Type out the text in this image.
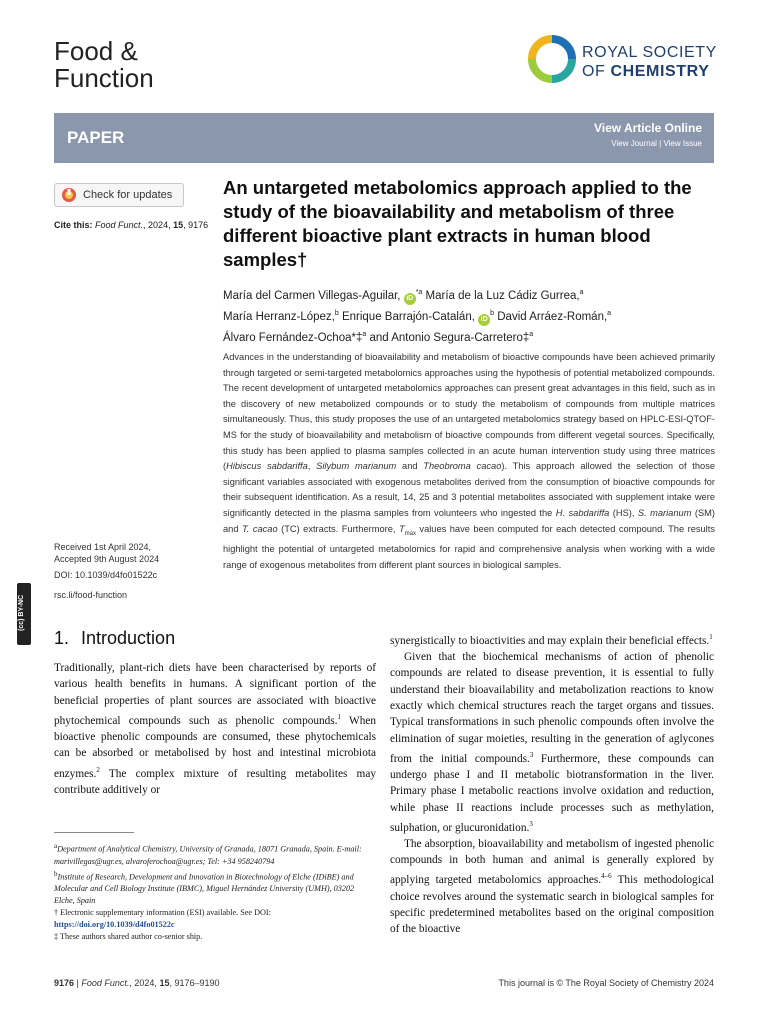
Food &
Function
ROYAL SOCIETY
OF CHEMISTRY
PAPER	View Article Online
View Journal | View Issue
Check for updates
Cite this: Food Funct., 2024, 15, 9176
An untargeted metabolomics approach applied to the study of the bioavailability and metabolism of three different bioactive plant extracts in human blood samples†
María del Carmen Villegas-Aguilar, $iD^{*a}$ María de la Luz Cádiz Gurrea,$^a$
María Herranz-López,$^b$ Enrique Barrajón-Catalán, $iD^b$ David Arráez-Román,$^a$
Álvaro Fernández-Ochoa*‡$^a$ and Antonio Segura-Carretero‡$^a$
Advances in the understanding of bioavailability and metabolism of bioactive compounds have been achieved primarily through targeted or semi-targeted metabolomics approaches using the hypothesis of potential metabolized compounds. The recent development of untargeted metabolomics approaches can present great advantages in this field, such as in the discovery of new metabolized compounds or to study the metabolism of compounds from multiple matrices simultaneously. Thus, this study proposes the use of an untargeted metabolomics strategy based on HPLC-ESI-QTOF-MS for the study of bioavailability and metabolism of bioactive compounds from different vegetal sources. Specifically, this study has been applied to plasma samples collected in an acute human intervention study using three matrices (Hibiscus sabdariffa, Silybum marianum and Theobroma cacao). This approach allowed the selection of those significant variables associated with exogenous metabolites derived from the consumption of bioactive compounds for their subsequent identification. As a result, 14, 25 and 3 potential metabolites associated with supplement intake were significantly detected in the plasma samples from volunteers who ingested the H. sabdariffa (HS), S. marianum (SM) and T. cacao (TC) extracts. Furthermore, $T_{max}$ values have been computed for each detected compound. The results highlight the potential of untargeted metabolomics for rapid and comprehensive analysis when working with a wide range of exogenous metabolites from different plant sources in biological samples.
Received 1st April 2024,
Accepted 9th August 2024
DOI: 10.1039/d4fo01522c
rsc.li/food-function
(cc) BY-NC
1. Introduction
Traditionally, plant-rich diets have been characterised by reports of various health benefits in humans. A significant portion of the beneficial properties of plant sources are associated with bioactive phytochemical compounds such as phenolic compounds.$^1$ When bioactive phenolic compounds are consumed, these phytochemicals can be absorbed or metabolised by host and intestinal microbiota enzymes.$^2$ The complex mixture of resulting metabolites may contribute additively or
synergistically to bioactivities and may explain their beneficial effects.$^1$
Given that the biochemical mechanisms of action of phenolic compounds are related to disease prevention, it is essential to fully understand their bioavailability and metabolization reactions to know exactly which chemical structures reach the target organs and tissues. Typical transformations in such phenolic compounds often involve the elimination of sugar moieties, resulting in the generation of aglycones from the initial compounds.$^3$ Furthermore, these compounds can undergo phase I and II metabolic biotransformation in the liver. Primary phase I metabolic reactions involve oxidation and reduction, while phase II reactions include processes such as methylation, sulphation, or glucuronidation.$^3$
The absorption, bioavailability and metabolism of ingested phenolic compounds in both human and animal is generally explored by applying targeted metabolomics approaches.$^{4-6}$ This methodological choice revolves around the systematic search in biological samples for specific predetermined metabolites based on the original composition of the bioactive
$^a$Department of Analytical Chemistry, University of Granada, 18071 Granada, Spain. E-mail: marivillegas@ugr.es, alvaroferochoa@ugr.es; Tel: +34 958240794
$^b$Institute of Research, Development and Innovation in Biotechnology of Elche (IDiBE) and Molecular and Cell Biology Institute (IBMC), Miguel Hernández University (UMH), 03202 Elche, Spain
† Electronic supplementary information (ESI) available. See DOI: https://doi.org/10.1039/d4fo01522c
‡ These authors shared author co-senior ship.
9176 | Food Funct., 2024, 15, 9176–9190	This journal is © The Royal Society of Chemistry 2024
